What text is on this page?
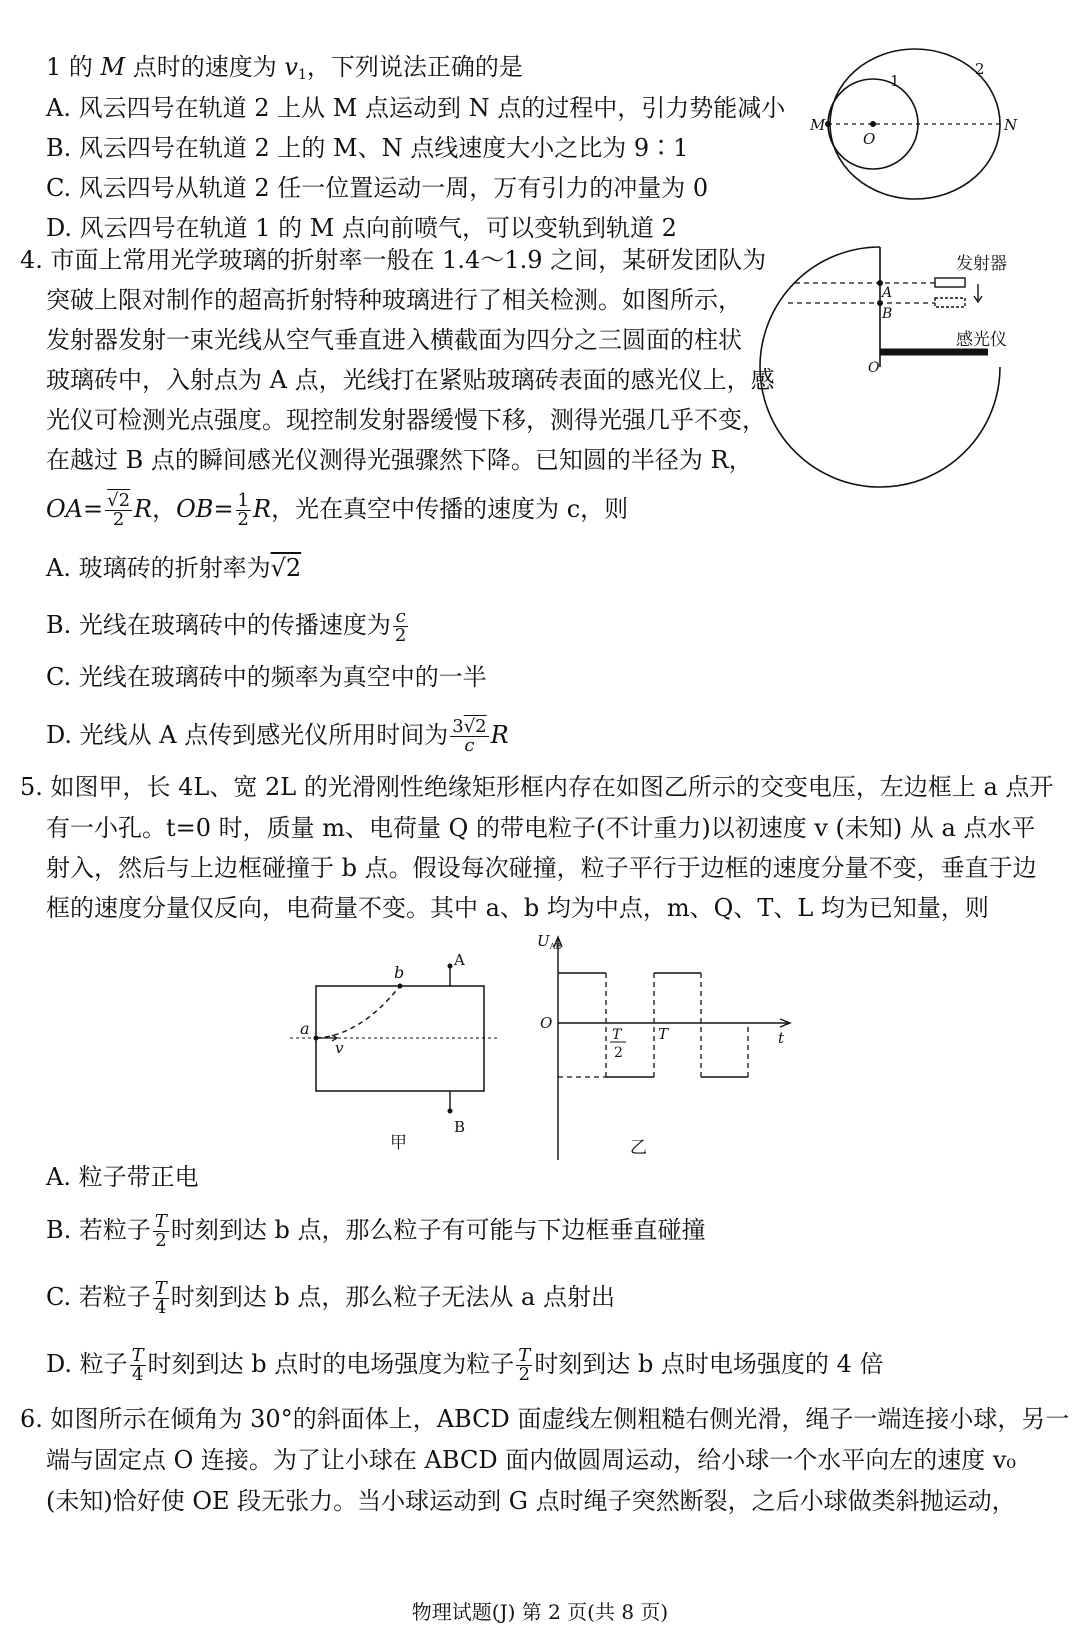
1 的 M 点时的速度为 $v_1$，下列说法正确的是
A. 风云四号在轨道 2 上从 M 点运动到 N 点的过程中，引力势能减小
B. 风云四号在轨道 2 上的 M、N 点线速度大小之比为 9∶1
C. 风云四号从轨道 2 任一位置运动一周，万有引力的冲量为 0
D. 风云四号在轨道 1 的 M 点向前喷气，可以变轨到轨道 2
1
2
M
O
N
4. 市面上常用光学玻璃的折射率一般在 1.4～1.9 之间，某研发团队为
突破上限对制作的超高折射特种玻璃进行了相关检测。如图所示，
发射器发射一束光线从空气垂直进入横截面为四分之三圆面的柱状
玻璃砖中，入射点为 A 点，光线打在紧贴玻璃砖表面的感光仪上，感
光仪可检测光点强度。现控制发射器缓慢下移，测得光强几乎不变，
在越过 B 点的瞬间感光仪测得光强骤然下降。已知圆的半径为 R，
$OA= \frac{√2}{2}$ R，$OB= \frac{1}{2}$ R，光在真空中传播的速度为 c，则
A. 玻璃砖的折射率为√2
B. 光线在玻璃砖中的传播速度为 $\frac{c}{2}$
C. 光线在玻璃砖中的频率为真空中的一半
D. 光线从 A 点传到感光仪所用时间为 $\frac{3√2}{c}$ R
发射器
感光仪
A
B
O
5. 如图甲，长 4L、宽 2L 的光滑刚性绝缘矩形框内存在如图乙所示的交变电压，左边框上 a 点开
有一小孔。t=0 时，质量 m、电荷量 Q 的带电粒子(不计重力)以初速度 v (未知) 从 a 点水平
射入，然后与上边框碰撞于 b 点。假设每次碰撞，粒子平行于边框的速度分量不变，垂直于边
框的速度分量仅反向，电荷量不变。其中 a、b 均为中点，m、Q、T、L 均为已知量，则
a
b
v
A
B
甲
$U_{AB}$
O
t
T
2
T
乙
A. 粒子带正电
B. 若粒子 $\frac{T}{2}$ 时刻到达 b 点，那么粒子有可能与下边框垂直碰撞
C. 若粒子 $\frac{T}{4}$ 时刻到达 b 点，那么粒子无法从 a 点射出
D. 粒子 $\frac{T}{4}$ 时刻到达 b 点时的电场强度为粒子 $\frac{T}{2}$ 时刻到达 b 点时电场强度的 4 倍
6. 如图所示在倾角为 30°的斜面体上，ABCD 面虚线左侧粗糙右侧光滑，绳子一端连接小球，另一
端与固定点 O 连接。为了让小球在 ABCD 面内做圆周运动，给小球一个水平向左的速度 v₀
(未知)恰好使 OE 段无张力。当小球运动到 G 点时绳子突然断裂，之后小球做类斜抛运动，
物理试题(J) 第 2 页(共 8 页)
